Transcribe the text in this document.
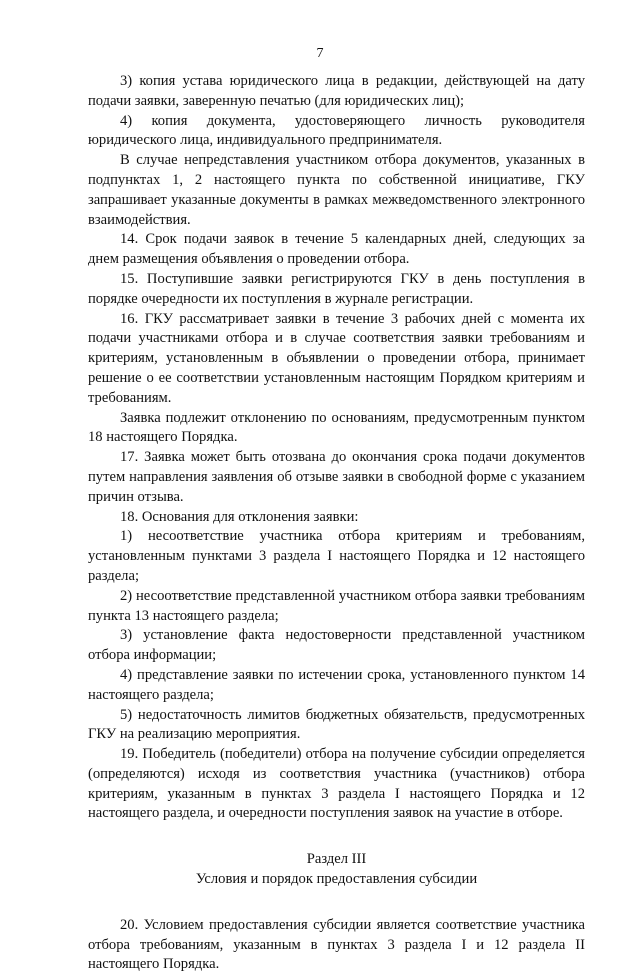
7

3) копия устава юридического лица в редакции, действующей на дату подачи заявки, заверенную печатью (для юридических лиц);

4) копия документа, удостоверяющего личность руководителя юридического лица, индивидуального предпринимателя.

В случае непредставления участником отбора документов, указанных в подпунктах 1, 2 настоящего пункта по собственной инициативе, ГКУ запрашивает указанные документы в рамках межведомственного электронного взаимодействия.

14. Срок подачи заявок в течение 5 календарных дней, следующих за днем размещения объявления о проведении отбора.

15. Поступившие заявки регистрируются ГКУ в день поступления в порядке очередности их поступления в журнале регистрации.

16. ГКУ рассматривает заявки в течение 3 рабочих дней с момента их подачи участниками отбора и в случае соответствия заявки требованиям и критериям, установленным в объявлении о проведении отбора, принимает решение о ее соответствии установленным настоящим Порядком критериям и требованиям.

Заявка подлежит отклонению по основаниям, предусмотренным пунктом 18 настоящего Порядка.

17. Заявка может быть отозвана до окончания срока подачи документов путем направления заявления об отзыве заявки в свободной форме с указанием причин отзыва.

18. Основания для отклонения заявки:

1) несоответствие участника отбора критериям и требованиям, установленным пунктами 3 раздела I настоящего Порядка и 12 настоящего раздела;

2) несоответствие представленной участником отбора заявки требованиям пункта 13 настоящего раздела;

3) установление факта недостоверности представленной участником отбора информации;

4) представление заявки по истечении срока, установленного пунктом 14 настоящего раздела;

5) недостаточность лимитов бюджетных обязательств, предусмотренных ГКУ на реализацию мероприятия.

19. Победитель (победители) отбора на получение субсидии определяется (определяются) исходя из соответствия участника (участников) отбора критериям, указанным в пунктах 3 раздела I настоящего Порядка и 12 настоящего раздела, и очередности поступления заявок на участие в отборе.

Раздел III

Условия и порядок предоставления субсидии

20. Условием предоставления субсидии является соответствие участника отбора требованиям, указанным в пунктах 3 раздела I и 12 раздела II настоящего Порядка.
